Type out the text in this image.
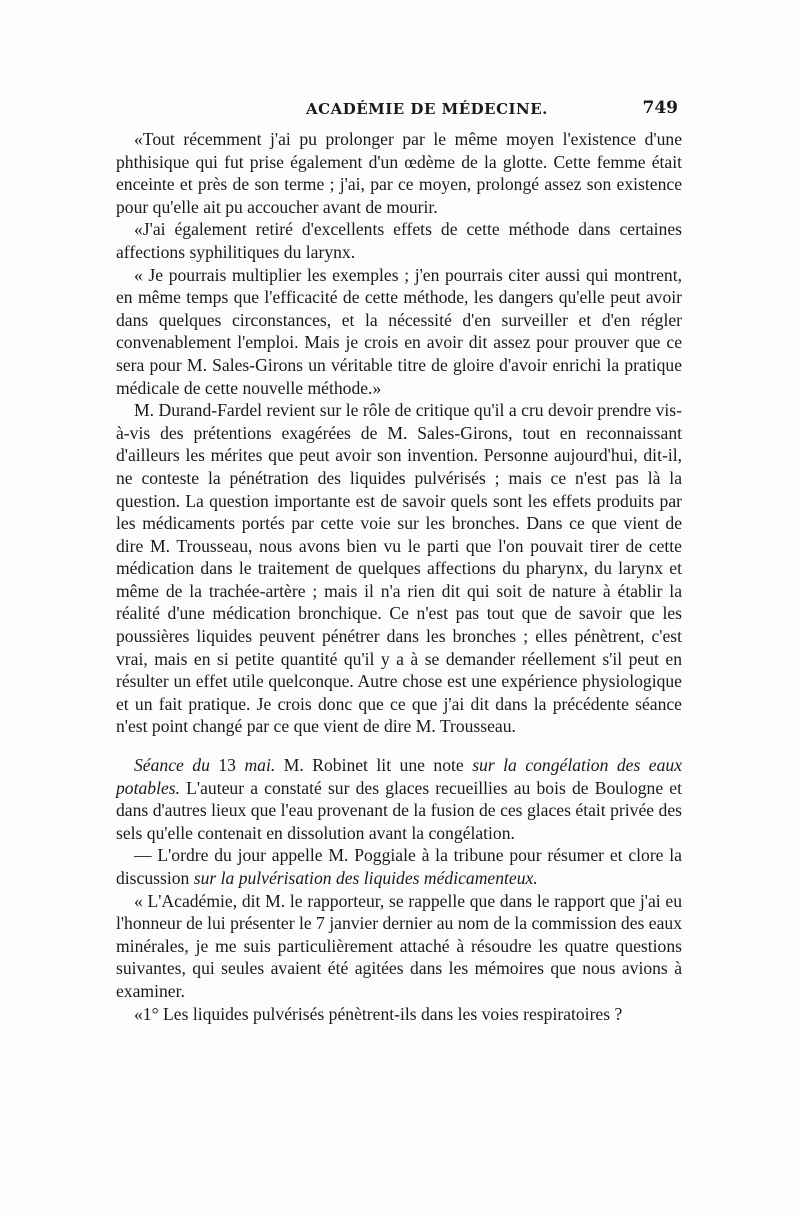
ACADÉMIE DE MÉDECINE.	749

«Tout récemment j'ai pu prolonger par le même moyen l'existence d'une phthisique qui fut prise également d'un œdème de la glotte. Cette femme était enceinte et près de son terme ; j'ai, par ce moyen, prolongé assez son existence pour qu'elle ait pu accoucher avant de mourir.

«J'ai également retiré d'excellents effets de cette méthode dans certaines affections syphilitiques du larynx.

« Je pourrais multiplier les exemples ; j'en pourrais citer aussi qui montrent, en même temps que l'efficacité de cette méthode, les dangers qu'elle peut avoir dans quelques circonstances, et la nécessité d'en surveiller et d'en régler convenablement l'emploi. Mais je crois en avoir dit assez pour prouver que ce sera pour M. Sales-Girons un véritable titre de gloire d'avoir enrichi la pratique médicale de cette nouvelle méthode.»

M. Durand-Fardel revient sur le rôle de critique qu'il a cru devoir prendre vis-à-vis des prétentions exagérées de M. Sales-Girons, tout en reconnaissant d'ailleurs les mérites que peut avoir son invention. Personne aujourd'hui, dit-il, ne conteste la pénétration des liquides pulvérisés ; mais ce n'est pas là la question. La question importante est de savoir quels sont les effets produits par les médicaments portés par cette voie sur les bronches. Dans ce que vient de dire M. Trousseau, nous avons bien vu le parti que l'on pouvait tirer de cette médication dans le traitement de quelques affections du pharynx, du larynx et même de la trachée-artère ; mais il n'a rien dit qui soit de nature à établir la réalité d'une médication bronchique. Ce n'est pas tout que de savoir que les poussières liquides peuvent pénétrer dans les bronches ; elles pénètrent, c'est vrai, mais en si petite quantité qu'il y a à se demander réellement s'il peut en résulter un effet utile quelconque. Autre chose est une expérience physiologique et un fait pratique. Je crois donc que ce que j'ai dit dans la précédente séance n'est point changé par ce que vient de dire M. Trousseau.

Séance du 13 mai. M. Robinet lit une note sur la congélation des eaux potables. L'auteur a constaté sur des glaces recueillies au bois de Boulogne et dans d'autres lieux que l'eau provenant de la fusion de ces glaces était privée des sels qu'elle contenait en dissolution avant la congélation.

— L'ordre du jour appelle M. Poggiale à la tribune pour résumer et clore la discussion sur la pulvérisation des liquides médicamenteux.

« L'Académie, dit M. le rapporteur, se rappelle que dans le rapport que j'ai eu l'honneur de lui présenter le 7 janvier dernier au nom de la commission des eaux minérales, je me suis particulièrement attaché à résoudre les quatre questions suivantes, qui seules avaient été agitées dans les mémoires que nous avions à examiner.

«1° Les liquides pulvérisés pénètrent-ils dans les voies respiratoires ?
